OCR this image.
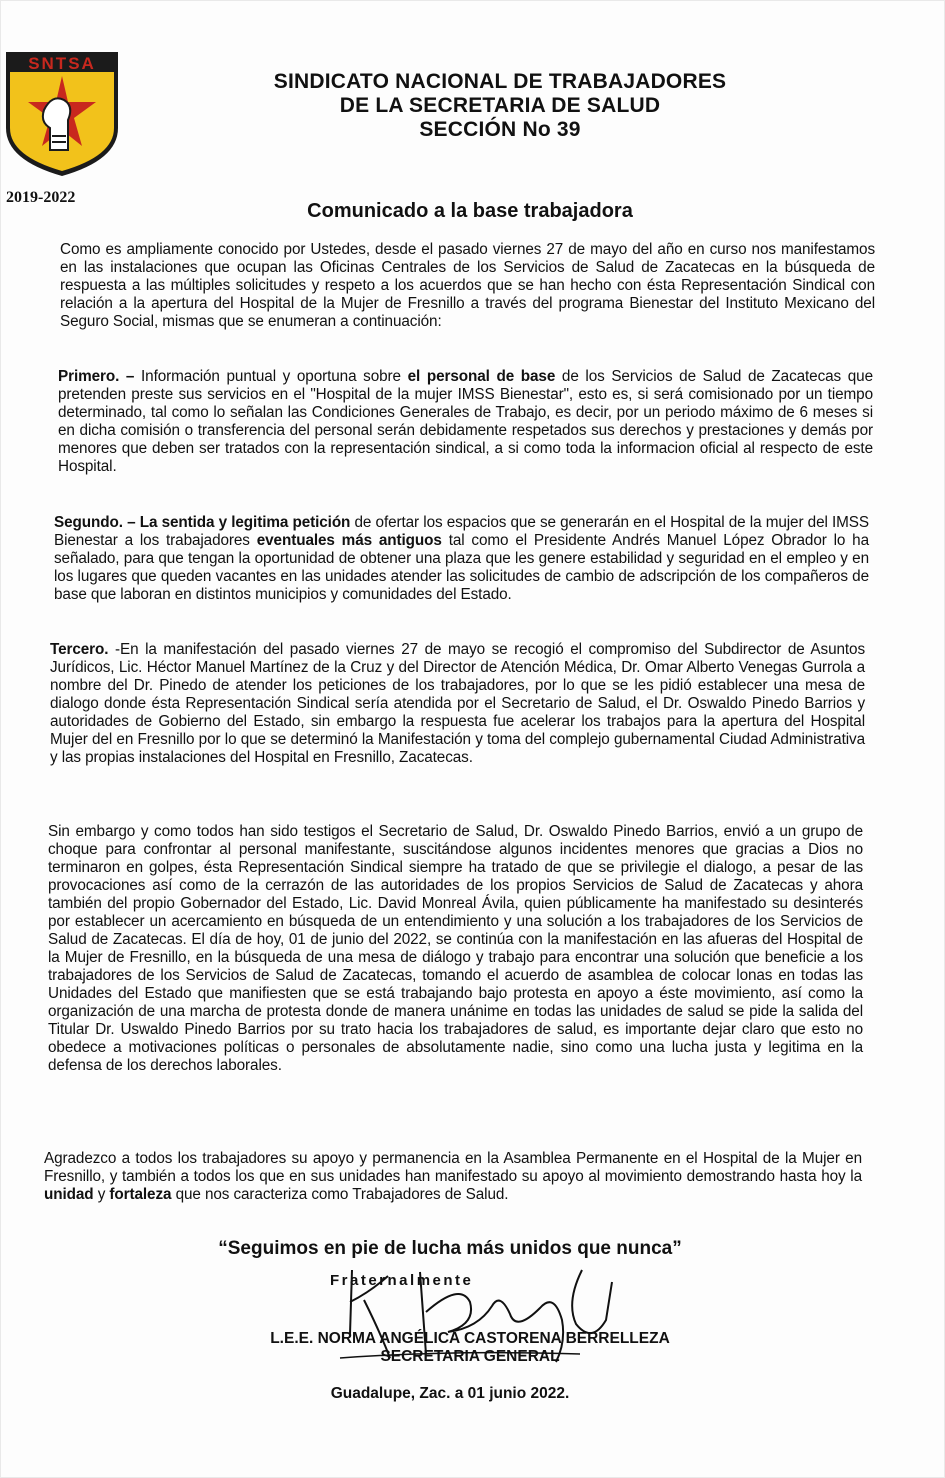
SNTSA
2019-2022
SINDICATO NACIONAL DE TRABAJADORES
DE LA SECRETARIA DE SALUD
SECCIÓN No 39
Comunicado a la base trabajadora
Como es ampliamente conocido por Ustedes, desde el pasado viernes 27 de mayo del año en curso nos manifestamos en las instalaciones que ocupan las Oficinas Centrales de los Servicios de Salud de Zacatecas en la búsqueda de respuesta a las múltiples solicitudes y respeto a los acuerdos que se han hecho con ésta Representación Sindical con relación a la apertura del Hospital de la Mujer de Fresnillo a través del programa Bienestar del Instituto Mexicano del Seguro Social, mismas que se enumeran a continuación:
Primero. – Información puntual y oportuna sobre el personal de base de los Servicios de Salud de Zacatecas que pretenden preste sus servicios en el "Hospital de la mujer IMSS Bienestar", esto es, si será comisionado por un tiempo determinado, tal como lo señalan las Condiciones Generales de Trabajo, es decir, por un periodo máximo de 6 meses si en dicha comisión o transferencia del personal serán debidamente respetados sus derechos y prestaciones y demás por menores que deben ser tratados con la representación sindical, a si como toda la informacion oficial al respecto de este Hospital.
Segundo. – La sentida y legitima petición de ofertar los espacios que se generarán en el Hospital de la mujer del IMSS Bienestar a los trabajadores eventuales más antiguos tal como el Presidente Andrés Manuel López Obrador lo ha señalado, para que tengan la oportunidad de obtener una plaza que les genere estabilidad y seguridad en el empleo y en los lugares que queden vacantes en las unidades atender las solicitudes de cambio de adscripción de los compañeros de base que laboran en distintos municipios y comunidades del Estado.
Tercero. -En la manifestación del pasado viernes 27 de mayo se recogió el compromiso del Subdirector de Asuntos Jurídicos, Lic. Héctor Manuel Martínez de la Cruz y del Director de Atención Médica, Dr. Omar Alberto Venegas Gurrola a nombre del Dr. Pinedo de atender los peticiones de los trabajadores, por lo que se les pidió establecer una mesa de dialogo donde ésta Representación Sindical sería atendida por el Secretario de Salud, el Dr. Oswaldo Pinedo Barrios y autoridades de Gobierno del Estado, sin embargo la respuesta fue acelerar los trabajos para la apertura del Hospital Mujer del en Fresnillo por lo que se determinó la Manifestación y toma del complejo gubernamental Ciudad Administrativa y las propias instalaciones del Hospital en Fresnillo, Zacatecas.
Sin embargo y como todos han sido testigos el Secretario de Salud, Dr. Oswaldo Pinedo Barrios, envió a un grupo de choque para confrontar al personal manifestante, suscitándose algunos incidentes menores que gracias a Dios no terminaron en golpes, ésta Representación Sindical siempre ha tratado de que se privilegie el dialogo, a pesar de las provocaciones así como de la cerrazón de las autoridades de los propios Servicios de Salud de Zacatecas y ahora también del propio Gobernador del Estado, Lic. David Monreal Ávila, quien públicamente ha manifestado su desinterés por establecer un acercamiento en búsqueda de un entendimiento y una solución a los trabajadores de los Servicios de Salud de Zacatecas. El día de hoy, 01 de junio del 2022, se continúa con la manifestación en las afueras del Hospital de la Mujer de Fresnillo, en la búsqueda de una mesa de diálogo y trabajo para encontrar una solución que beneficie a los trabajadores de los Servicios de Salud de Zacatecas, tomando el acuerdo de asamblea de colocar lonas en todas las Unidades del Estado que manifiesten que se está trabajando bajo protesta en apoyo a éste movimiento, así como la organización de una marcha de protesta donde de manera unánime en todas las unidades de salud se pide la salida del Titular Dr. Uswaldo Pinedo Barrios por su trato hacia los trabajadores de salud, es importante dejar claro que esto no obedece a motivaciones políticas o personales de absolutamente nadie, sino como una lucha justa y legitima en la defensa de los derechos laborales.
Agradezco a todos los trabajadores su apoyo y permanencia en la Asamblea Permanente en el Hospital de la Mujer en Fresnillo, y también a todos los que en sus unidades han manifestado su apoyo al movimiento demostrando hasta hoy la unidad y fortaleza que nos caracteriza como Trabajadores de Salud.
“Seguimos en pie de lucha más unidos que nunca”
Fraternalmente
L.E.E. NORMA ANGÉLICA CASTORENA BERRELLEZA
SECRETARIA GENERAL
Guadalupe, Zac. a 01 junio 2022.
